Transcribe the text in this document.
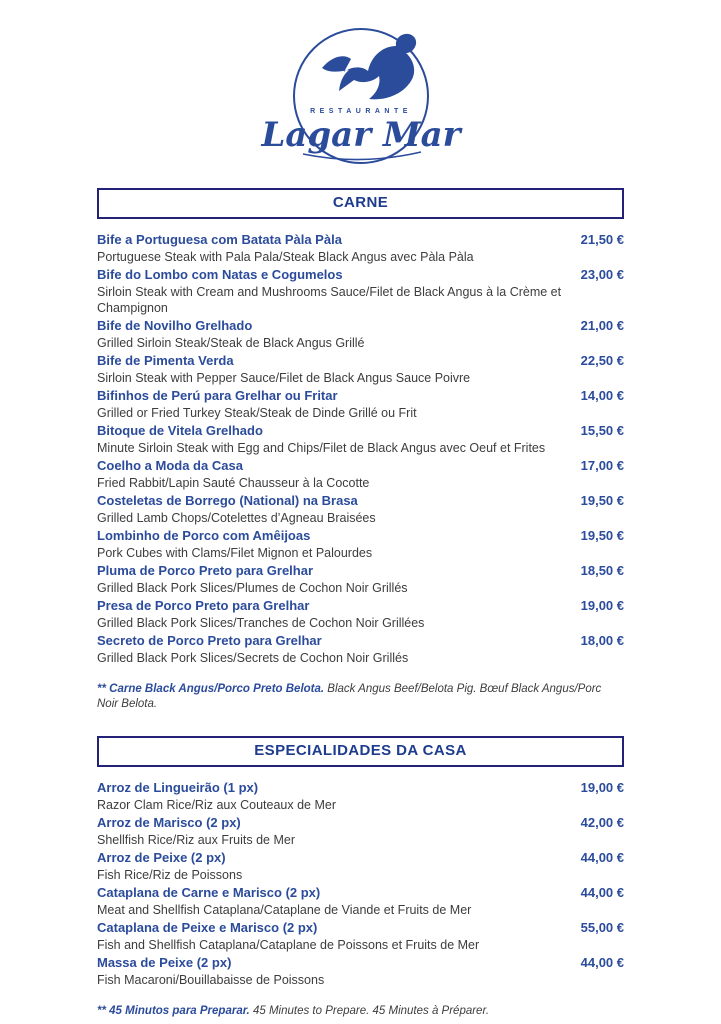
RESTAURANTE
Lagar Mar
CARNE
Bife a Portuguesa com Batata Pàla Pàla	21,50 €
Portuguese Steak with Pala Pala/Steak Black Angus avec Pàla Pàla
Bife do Lombo com Natas e Cogumelos	23,00 €
Sirloin Steak with Cream and Mushrooms Sauce/Filet de Black Angus à la Crème et Champignon
Bife de Novilho Grelhado	21,00 €
Grilled Sirloin Steak/Steak de Black Angus Grillé
Bife de Pimenta Verda	22,50 €
Sirloin Steak with Pepper Sauce/Filet de Black Angus Sauce Poivre
Bifinhos de Perú para Grelhar ou Fritar	14,00 €
Grilled or Fried Turkey Steak/Steak de Dinde Grillé ou Frit
Bitoque de Vitela Grelhado	15,50 €
Minute Sirloin Steak with Egg and Chips/Filet de Black Angus avec Oeuf et Frites
Coelho a Moda da Casa	17,00 €
Fried Rabbit/Lapin Sauté Chausseur à la Cocotte
Costeletas de Borrego (National) na Brasa	19,50 €
Grilled Lamb Chops/Cotelettes d’Agneau Braisées
Lombinho de Porco com Amêijoas	19,50 €
Pork Cubes with Clams/Filet Mignon et Palourdes
Pluma de Porco Preto para Grelhar	18,50 €
Grilled Black Pork Slices/Plumes de Cochon Noir Grillés
Presa de Porco Preto para Grelhar	19,00 €
Grilled Black Pork Slices/Tranches de Cochon Noir Grillées
Secreto de Porco Preto para Grelhar	18,00 €
Grilled Black Pork Slices/Secrets de Cochon Noir Grillés
** Carne Black Angus/Porco Preto Belota. Black Angus Beef/Belota Pig. Bœuf Black Angus/Porc Noir Belota.
ESPECIALIDADES DA CASA
Arroz de Lingueirão (1 px)	19,00 €
Razor Clam Rice/Riz aux Couteaux de Mer
Arroz de Marisco (2 px)	42,00 €
Shellfish Rice/Riz aux Fruits de Mer
Arroz de Peixe (2 px)	44,00 €
Fish Rice/Riz de Poissons
Cataplana de Carne e Marisco (2 px)	44,00 €
Meat and Shellfish Cataplana/Cataplane de Viande et Fruits de Mer
Cataplana de Peixe e Marisco (2 px)	55,00 €
Fish and Shellfish Cataplana/Cataplane de Poissons et Fruits de Mer
Massa de Peixe (2 px)	44,00 €
Fish Macaroni/Bouillabaisse de Poissons
** 45 Minutos para Preparar. 45 Minutes to Prepare. 45 Minutes à Préparer.
